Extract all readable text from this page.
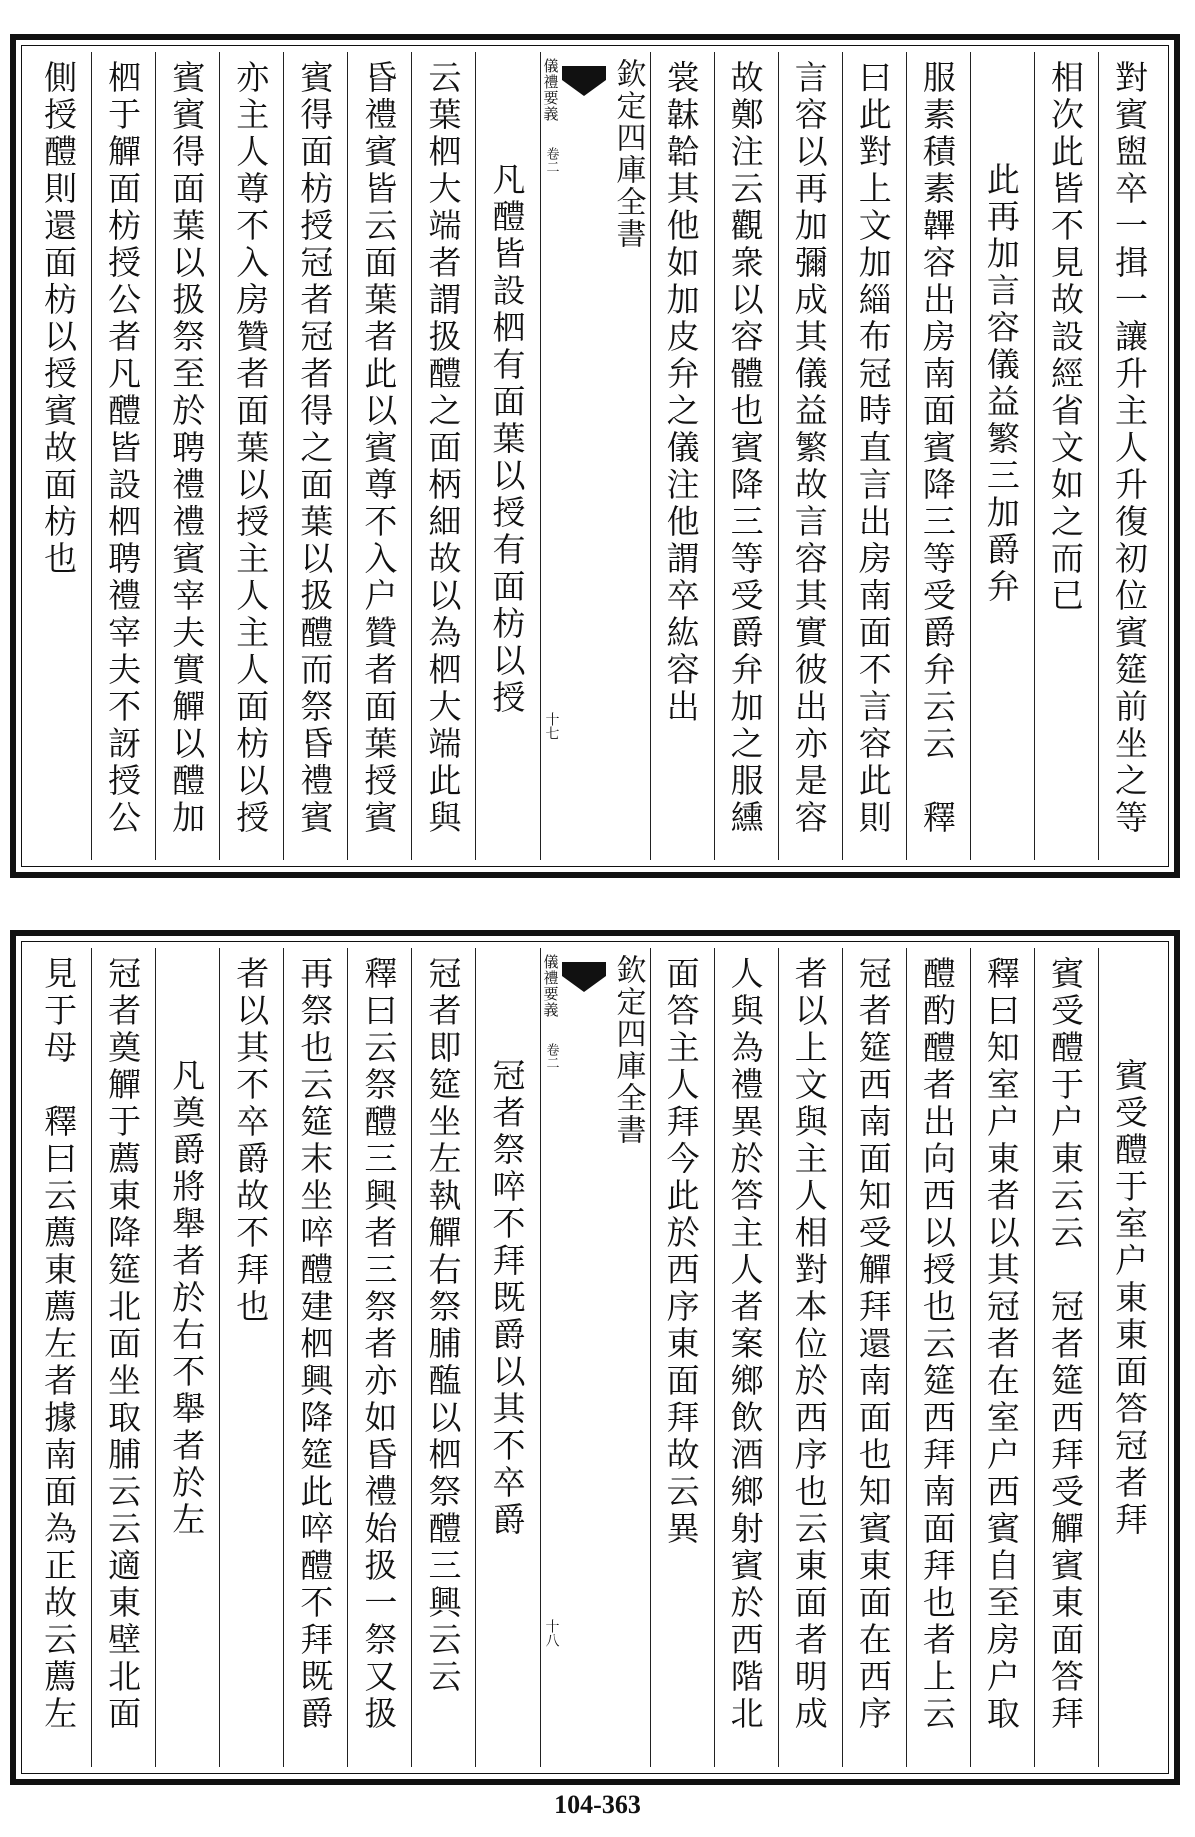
對賓盥卒一揖一讓升主人升復初位賓筵前坐之等
相次此皆不見故設經省文如之而已
此再加言容儀益繁三加爵弁
服素積素韠容出房南面賓降三等受爵弁云云　釋
曰此對上文加緇布冠時直言出房南面不言容此則
言容以再加彌成其儀益繁故言容其實彼出亦是容
故鄭注云觀衆以容體也賓降三等受爵弁加之服纁
裳韎韐其他如加皮弁之儀注他謂卒紘容出
欽定四庫全書
儀禮要義 卷二
十七
凡醴皆設柶有面葉以授有面枋以授
云葉柶大端者謂扱醴之面柄細故以為柶大端此與
昏禮賓皆云面葉者此以賓尊不入户贊者面葉授賓
賓得面枋授冠者冠者得之面葉以扱醴而祭昏禮賓
亦主人尊不入房贊者面葉以授主人主人面枋以授
賓賓得面葉以扱祭至於聘禮禮賓宰夫實觶以醴加
柶于觶面枋授公者凡醴皆設柶聘禮宰夫不訝授公
側授醴則還面枋以授賓故面枋也
賓受醴于室户東東面答冠者拜
賓受醴于户東云云　冠者筵西拜受觶賓東面答拜
釋曰知室户東者以其冠者在室户西賓自至房户取
醴酌醴者出向西以授也云筵西拜南面拜也者上云
冠者筵西南面知受觶拜還南面也知賓東面在西序
者以上文與主人相對本位於西序也云東面者明成
人與為禮異於答主人者案鄉飲酒鄉射賓於西階北
面答主人拜今此於西序東面拜故云異
欽定四庫全書
儀禮要義 卷二
十八
冠者祭啐不拜既爵以其不卒爵
冠者即筵坐左執觶右祭脯醢以柶祭醴三興云云
釋曰云祭醴三興者三祭者亦如昏禮始扱一祭又扱
再祭也云筵末坐啐醴建柶興降筵此啐醴不拜既爵
者以其不卒爵故不拜也
凡奠爵將舉者於右不舉者於左
冠者奠觶于薦東降筵北面坐取脯云云適東壁北面
見于母　釋曰云薦東薦左者據南面為正故云薦左
104-363
